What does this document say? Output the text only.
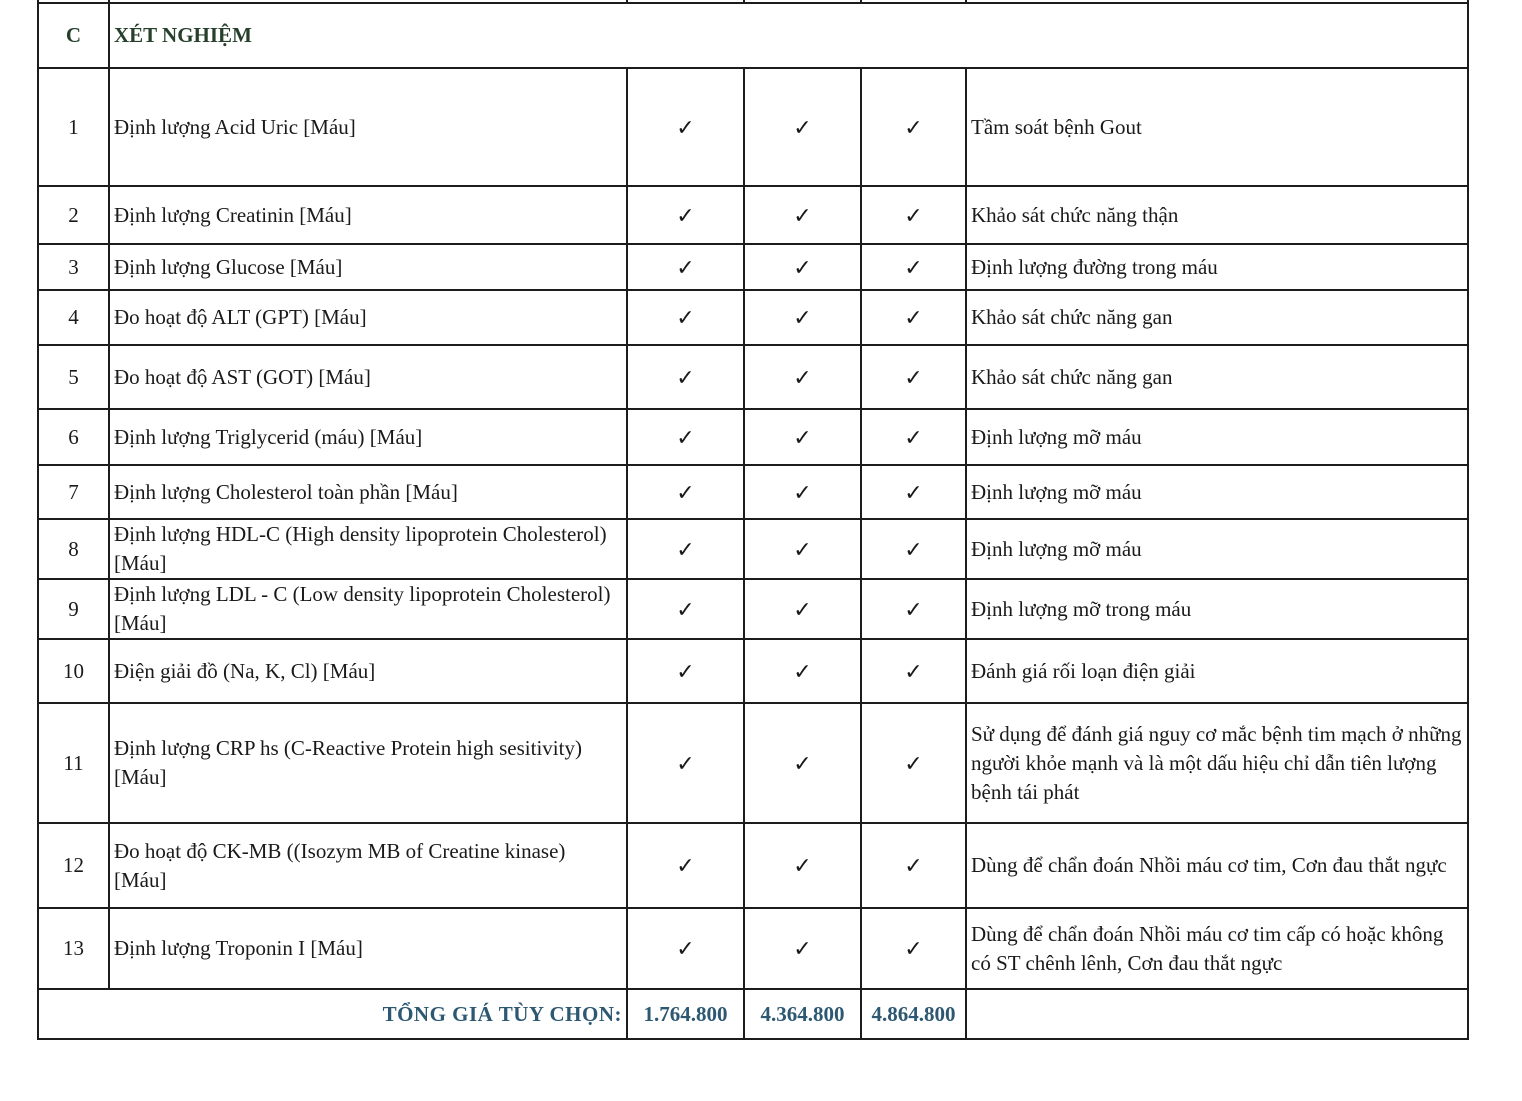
C	XÉT NGHIỆM				
1	Định lượng Acid Uric [Máu]	✓	✓	✓	Tầm soát bệnh Gout
2	Định lượng Creatinin [Máu]	✓	✓	✓	Khảo sát chức năng thận
3	Định lượng Glucose [Máu]	✓	✓	✓	Định lượng đường trong máu
4	Đo hoạt độ ALT (GPT) [Máu]	✓	✓	✓	Khảo sát chức năng gan
5	Đo hoạt độ AST (GOT) [Máu]	✓	✓	✓	Khảo sát chức năng gan
6	Định lượng Triglycerid (máu) [Máu]	✓	✓	✓	Định lượng mỡ máu
7	Định lượng Cholesterol toàn phần [Máu]	✓	✓	✓	Định lượng mỡ máu
8	Định lượng HDL-C (High density lipoprotein Cholesterol) [Máu]	✓	✓	✓	Định lượng mỡ máu
9	Định lượng LDL - C (Low density lipoprotein Cholesterol) [Máu]	✓	✓	✓	Định lượng mỡ trong máu
10	Điện giải đồ (Na, K, Cl) [Máu]	✓	✓	✓	Đánh giá rối loạn điện giải
11	Định lượng CRP hs (C-Reactive Protein high sesitivity) [Máu]	✓	✓	✓	Sử dụng để đánh giá nguy cơ mắc bệnh tim mạch ở những người khỏe mạnh và là một dấu hiệu chỉ dẫn tiên lượng bệnh tái phát
12	Đo hoạt độ CK-MB ((Isozym MB of Creatine kinase) [Máu]	✓	✓	✓	Dùng để chẩn đoán Nhồi máu cơ tim, Cơn đau thắt ngực
13	Định lượng Troponin I [Máu]	✓	✓	✓	Dùng để chẩn đoán Nhồi máu cơ tim cấp có hoặc không có ST chênh lênh, Cơn đau thắt ngực
TỔNG GIÁ TÙY CHỌN:		1.764.800	4.364.800	4.864.800	
